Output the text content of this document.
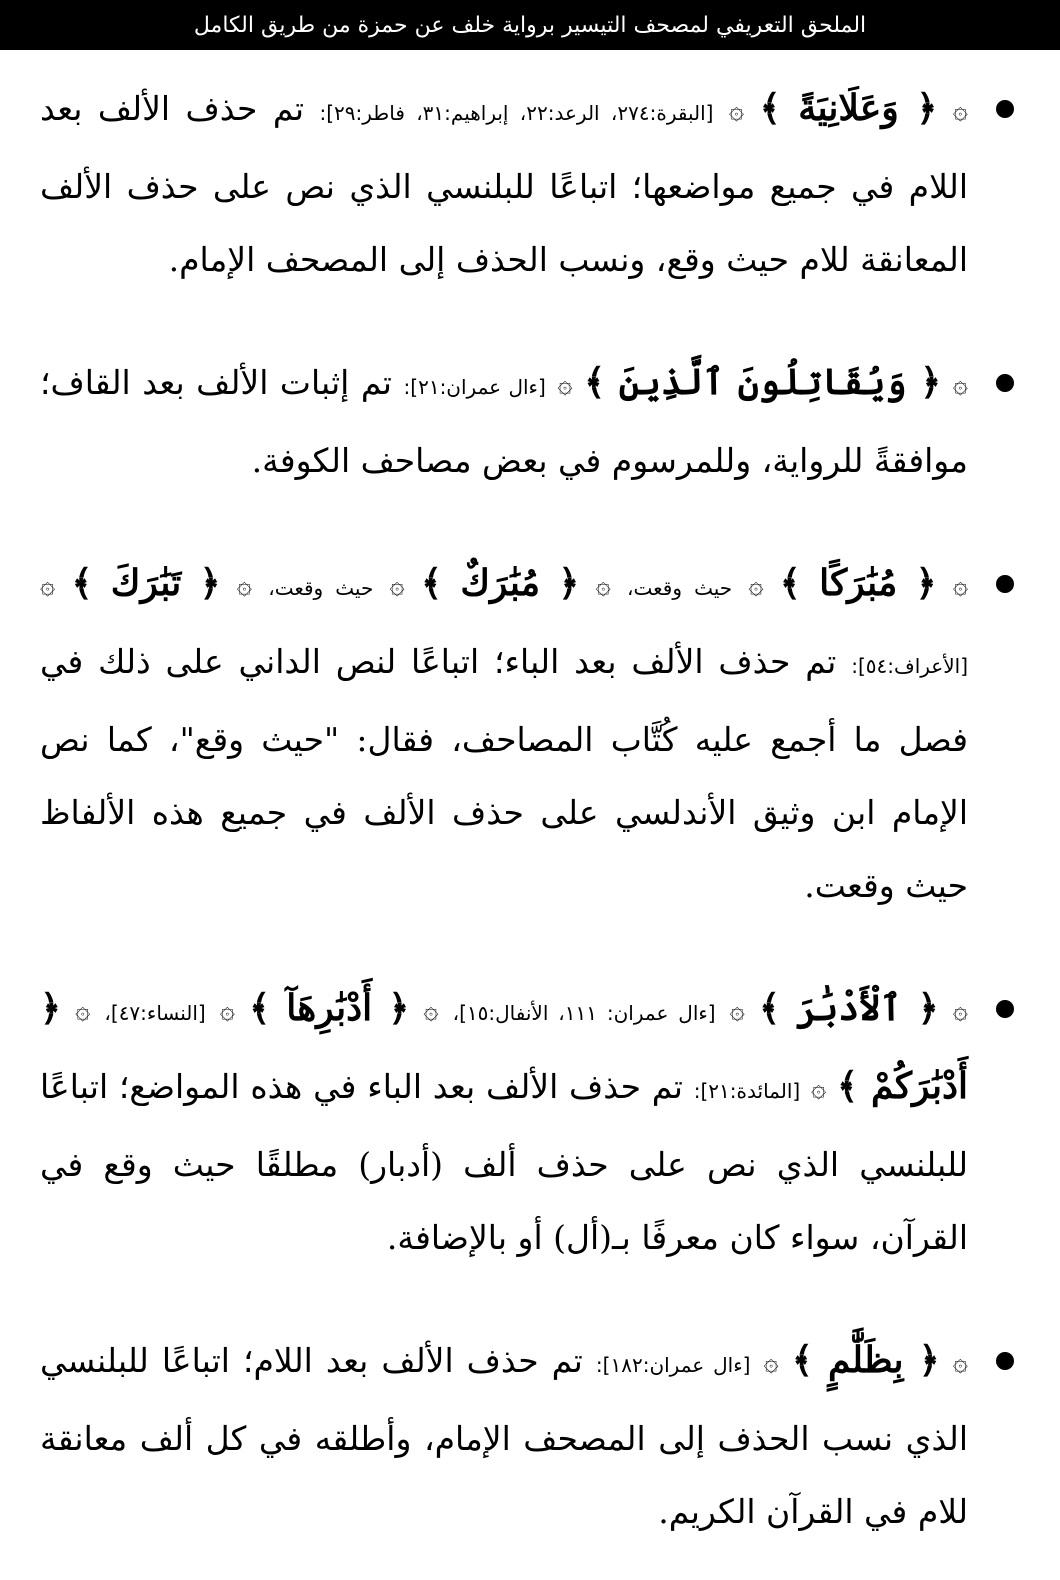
الملحق التعريفي لمصحف التيسير برواية خلف عن حمزة من طريق الكامل
۞ ﴿ وَعَلَانِيَةً ﴾ ۞ [البقرة:٢٧٤، الرعد:٢٢، إبراهيم:٣١، فاطر:٢٩]: تم حذف الألف بعد اللام في جميع مواضعها؛ اتباعًا للبلنسي الذي نص على حذف الألف المعانقة للام حيث وقع، ونسب الحذف إلى المصحف الإمام.
۞ ﴿ وَيُقَاتِلُونَ ٱلَّذِينَ ﴾ ۞ [ءال عمران:٢١]: تم إثبات الألف بعد القاف؛ موافقةً للرواية، وللمرسوم في بعض مصاحف الكوفة.
۞ ﴿ مُبَٰرَكًا ﴾ ۞ حيث وقعت، ۞ ﴿ مُبَٰرَكٌ ﴾ ۞ حيث وقعت، ۞ ﴿ تَبَٰرَكَ ﴾ ۞ [الأعراف:٥٤]: تم حذف الألف بعد الباء؛ اتباعًا لنص الداني على ذلك في فصل ما أجمع عليه كُتَّاب المصاحف، فقال: "حيث وقع"، كما نص الإمام ابن وثيق الأندلسي على حذف الألف في جميع هذه الألفاظ حيث وقعت.
۞ ﴿ ٱلْأَدْبَٰرَ ﴾ ۞ [ءال عمران: ١١١، الأنفال:١٥]، ۞ ﴿ أَدْبَٰرِهَآ ﴾ ۞ [النساء:٤٧]، ۞ ﴿ أَدْبَٰرَكُمْ ﴾ ۞ [المائدة:٢١]: تم حذف الألف بعد الباء في هذه المواضع؛ اتباعًا للبلنسي الذي نص على حذف ألف (أدبار) مطلقًا حيث وقع في القرآن، سواء كان معرفًا بـ(أل) أو بالإضافة.
۞ ﴿ بِظَلَّٰمٍ ﴾ ۞ [ءال عمران:١٨٢]: تم حذف الألف بعد اللام؛ اتباعًا للبلنسي الذي نسب الحذف إلى المصحف الإمام، وأطلقه في كل ألف معانقة للام في القرآن الكريم.
